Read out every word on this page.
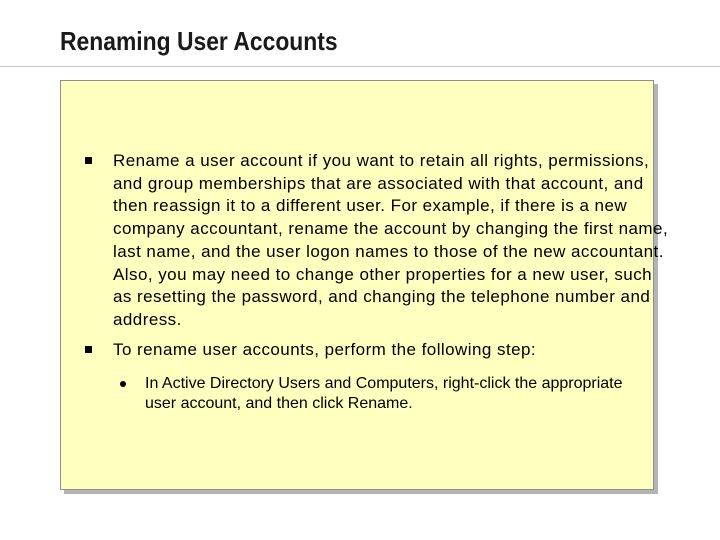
Renaming User Accounts
Rename a user account if you want to retain all rights, permissions,
and group memberships that are associated with that account, and
then reassign it to a different user. For example, if there is a new
company accountant, rename the account by changing the first name,
last name, and the user logon names to those of the new accountant.
Also, you may need to change other properties for a new user, such
as resetting the password, and changing the telephone number and
address.
To rename user accounts, perform the following step:
In Active Directory Users and Computers, right-click the appropriate
user account, and then click Rename.
